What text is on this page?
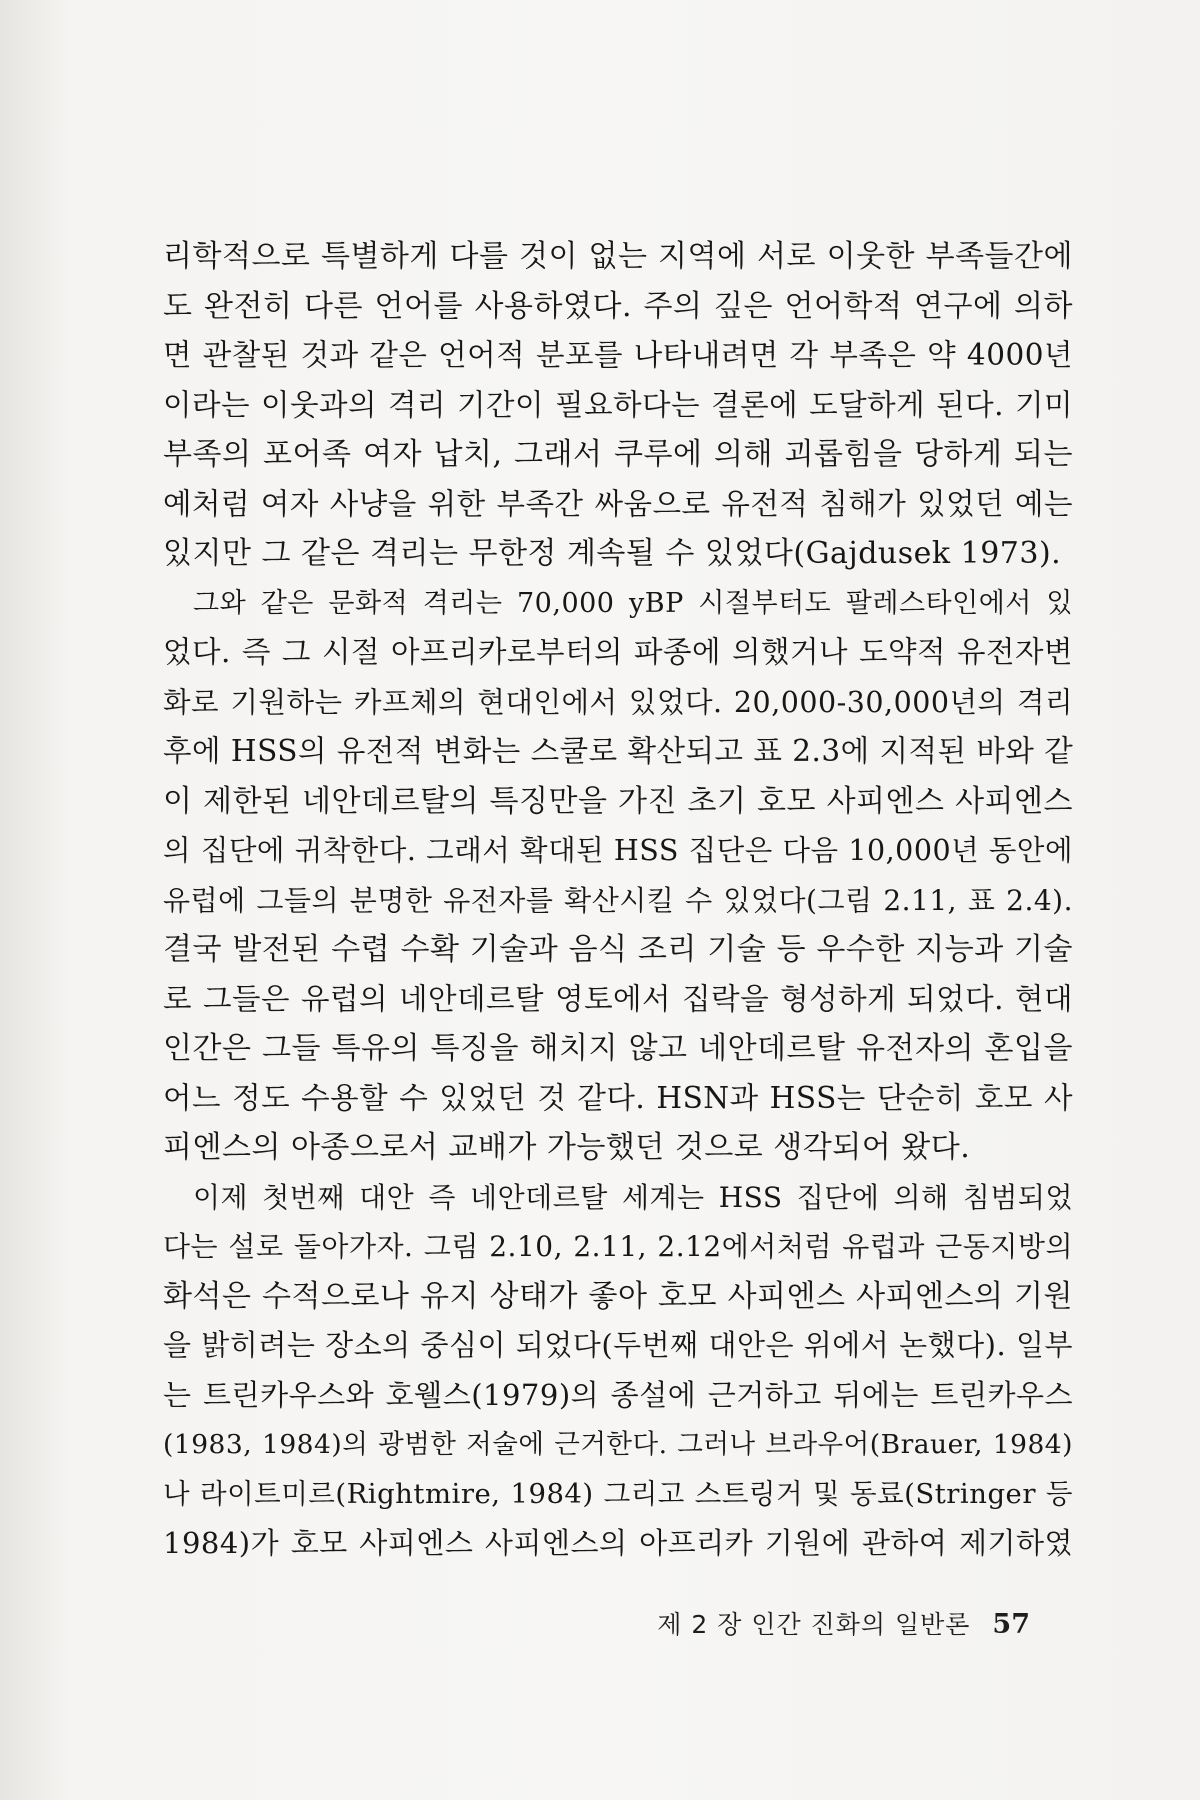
리학적으로 특별하게 다를 것이 없는 지역에 서로 이웃한 부족들간에
도 완전히 다른 언어를 사용하였다. 주의 깊은 언어학적 연구에 의하
면 관찰된 것과 같은 언어적 분포를 나타내려면 각 부족은 약 4000년
이라는 이웃과의 격리 기간이 필요하다는 결론에 도달하게 된다. 기미
부족의 포어족 여자 납치, 그래서 쿠루에 의해 괴롭힘을 당하게 되는
예처럼 여자 사냥을 위한 부족간 싸움으로 유전적 침해가 있었던 예는
있지만 그 같은 격리는 무한정 계속될 수 있었다(Gajdusek 1973).
그와 같은 문화적 격리는 70,000 yBP 시절부터도 팔레스타인에서 있
었다. 즉 그 시절 아프리카로부터의 파종에 의했거나 도약적 유전자변
화로 기원하는 카프체의 현대인에서 있었다. 20,000-30,000년의 격리
후에 HSS의 유전적 변화는 스쿨로 확산되고 표 2.3에 지적된 바와 같
이 제한된 네안데르탈의 특징만을 가진 초기 호모 사피엔스 사피엔스
의 집단에 귀착한다. 그래서 확대된 HSS 집단은 다음 10,000년 동안에
유럽에 그들의 분명한 유전자를 확산시킬 수 있었다(그림 2.11, 표 2.4).
결국 발전된 수렵 수확 기술과 음식 조리 기술 등 우수한 지능과 기술
로 그들은 유럽의 네안데르탈 영토에서 집락을 형성하게 되었다. 현대
인간은 그들 특유의 특징을 해치지 않고 네안데르탈 유전자의 혼입을
어느 정도 수용할 수 있었던 것 같다. HSN과 HSS는 단순히 호모 사
피엔스의 아종으로서 교배가 가능했던 것으로 생각되어 왔다.
이제 첫번째 대안 즉 네안데르탈 세계는 HSS 집단에 의해 침범되었
다는 설로 돌아가자. 그림 2.10, 2.11, 2.12에서처럼 유럽과 근동지방의
화석은 수적으로나 유지 상태가 좋아 호모 사피엔스 사피엔스의 기원
을 밝히려는 장소의 중심이 되었다(두번째 대안은 위에서 논했다). 일부
는 트린카우스와 호웰스(1979)의 종설에 근거하고 뒤에는 트린카우스
(1983, 1984)의 광범한 저술에 근거한다. 그러나 브라우어(Brauer, 1984)
나 라이트미르(Rightmire, 1984) 그리고 스트링거 및 동료(Stringer 등
1984)가 호모 사피엔스 사피엔스의 아프리카 기원에 관하여 제기하였
제 2 장 인간 진화의 일반론 57
